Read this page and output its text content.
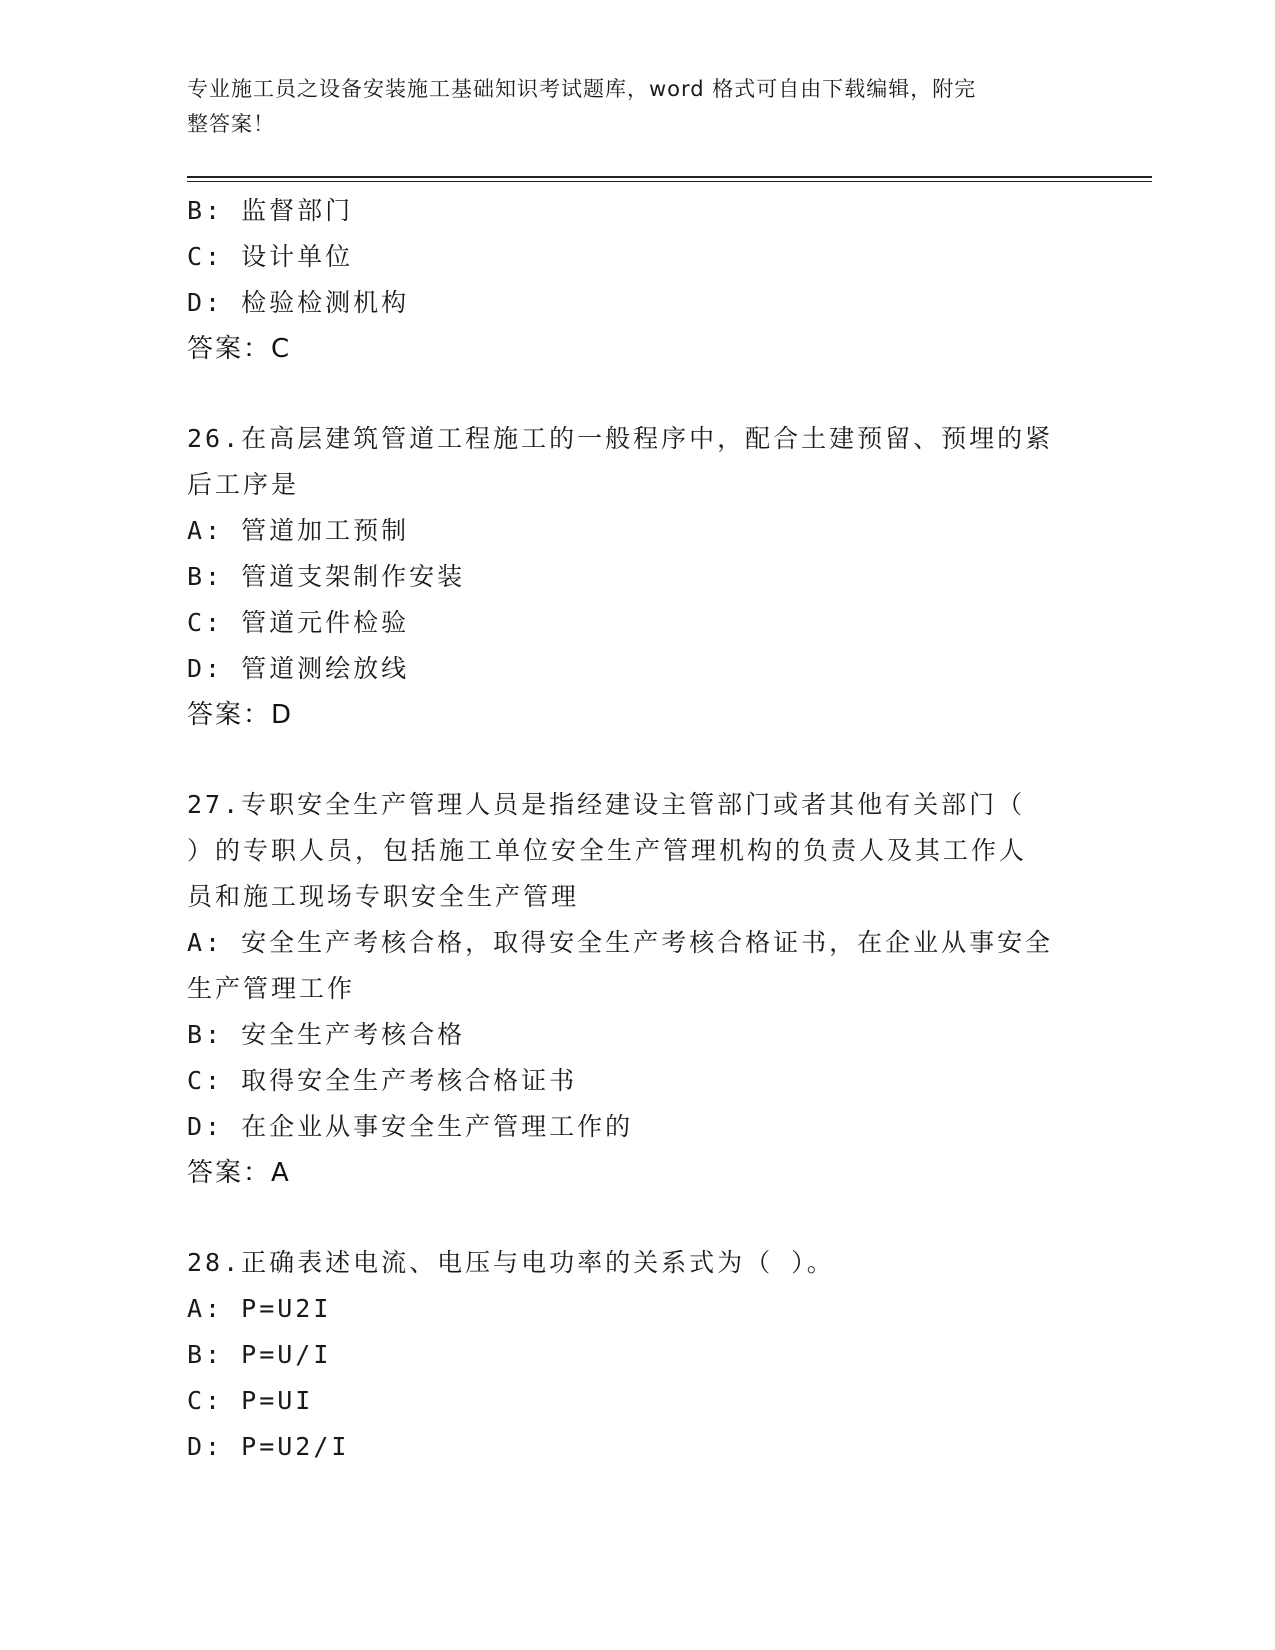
专业施工员之设备安装施工基础知识考试题库，word 格式可自由下载编辑，附完
整答案！
B: 监督部门
C: 设计单位
D: 检验检测机构
答案：C
26.在高层建筑管道工程施工的一般程序中，配合土建预留、预埋的紧
后工序是
A: 管道加工预制
B: 管道支架制作安装
C: 管道元件检验
D: 管道测绘放线
答案：D
27.专职安全生产管理人员是指经建设主管部门或者其他有关部门（
）的专职人员，包括施工单位安全生产管理机构的负责人及其工作人
员和施工现场专职安全生产管理
A: 安全生产考核合格，取得安全生产考核合格证书，在企业从事安全
生产管理工作
B: 安全生产考核合格
C: 取得安全生产考核合格证书
D: 在企业从事安全生产管理工作的
答案：A
28.正确表述电流、电压与电功率的关系式为（ ）。
A: P=U2I
B: P=U/I
C: P=UI
D: P=U2/I
